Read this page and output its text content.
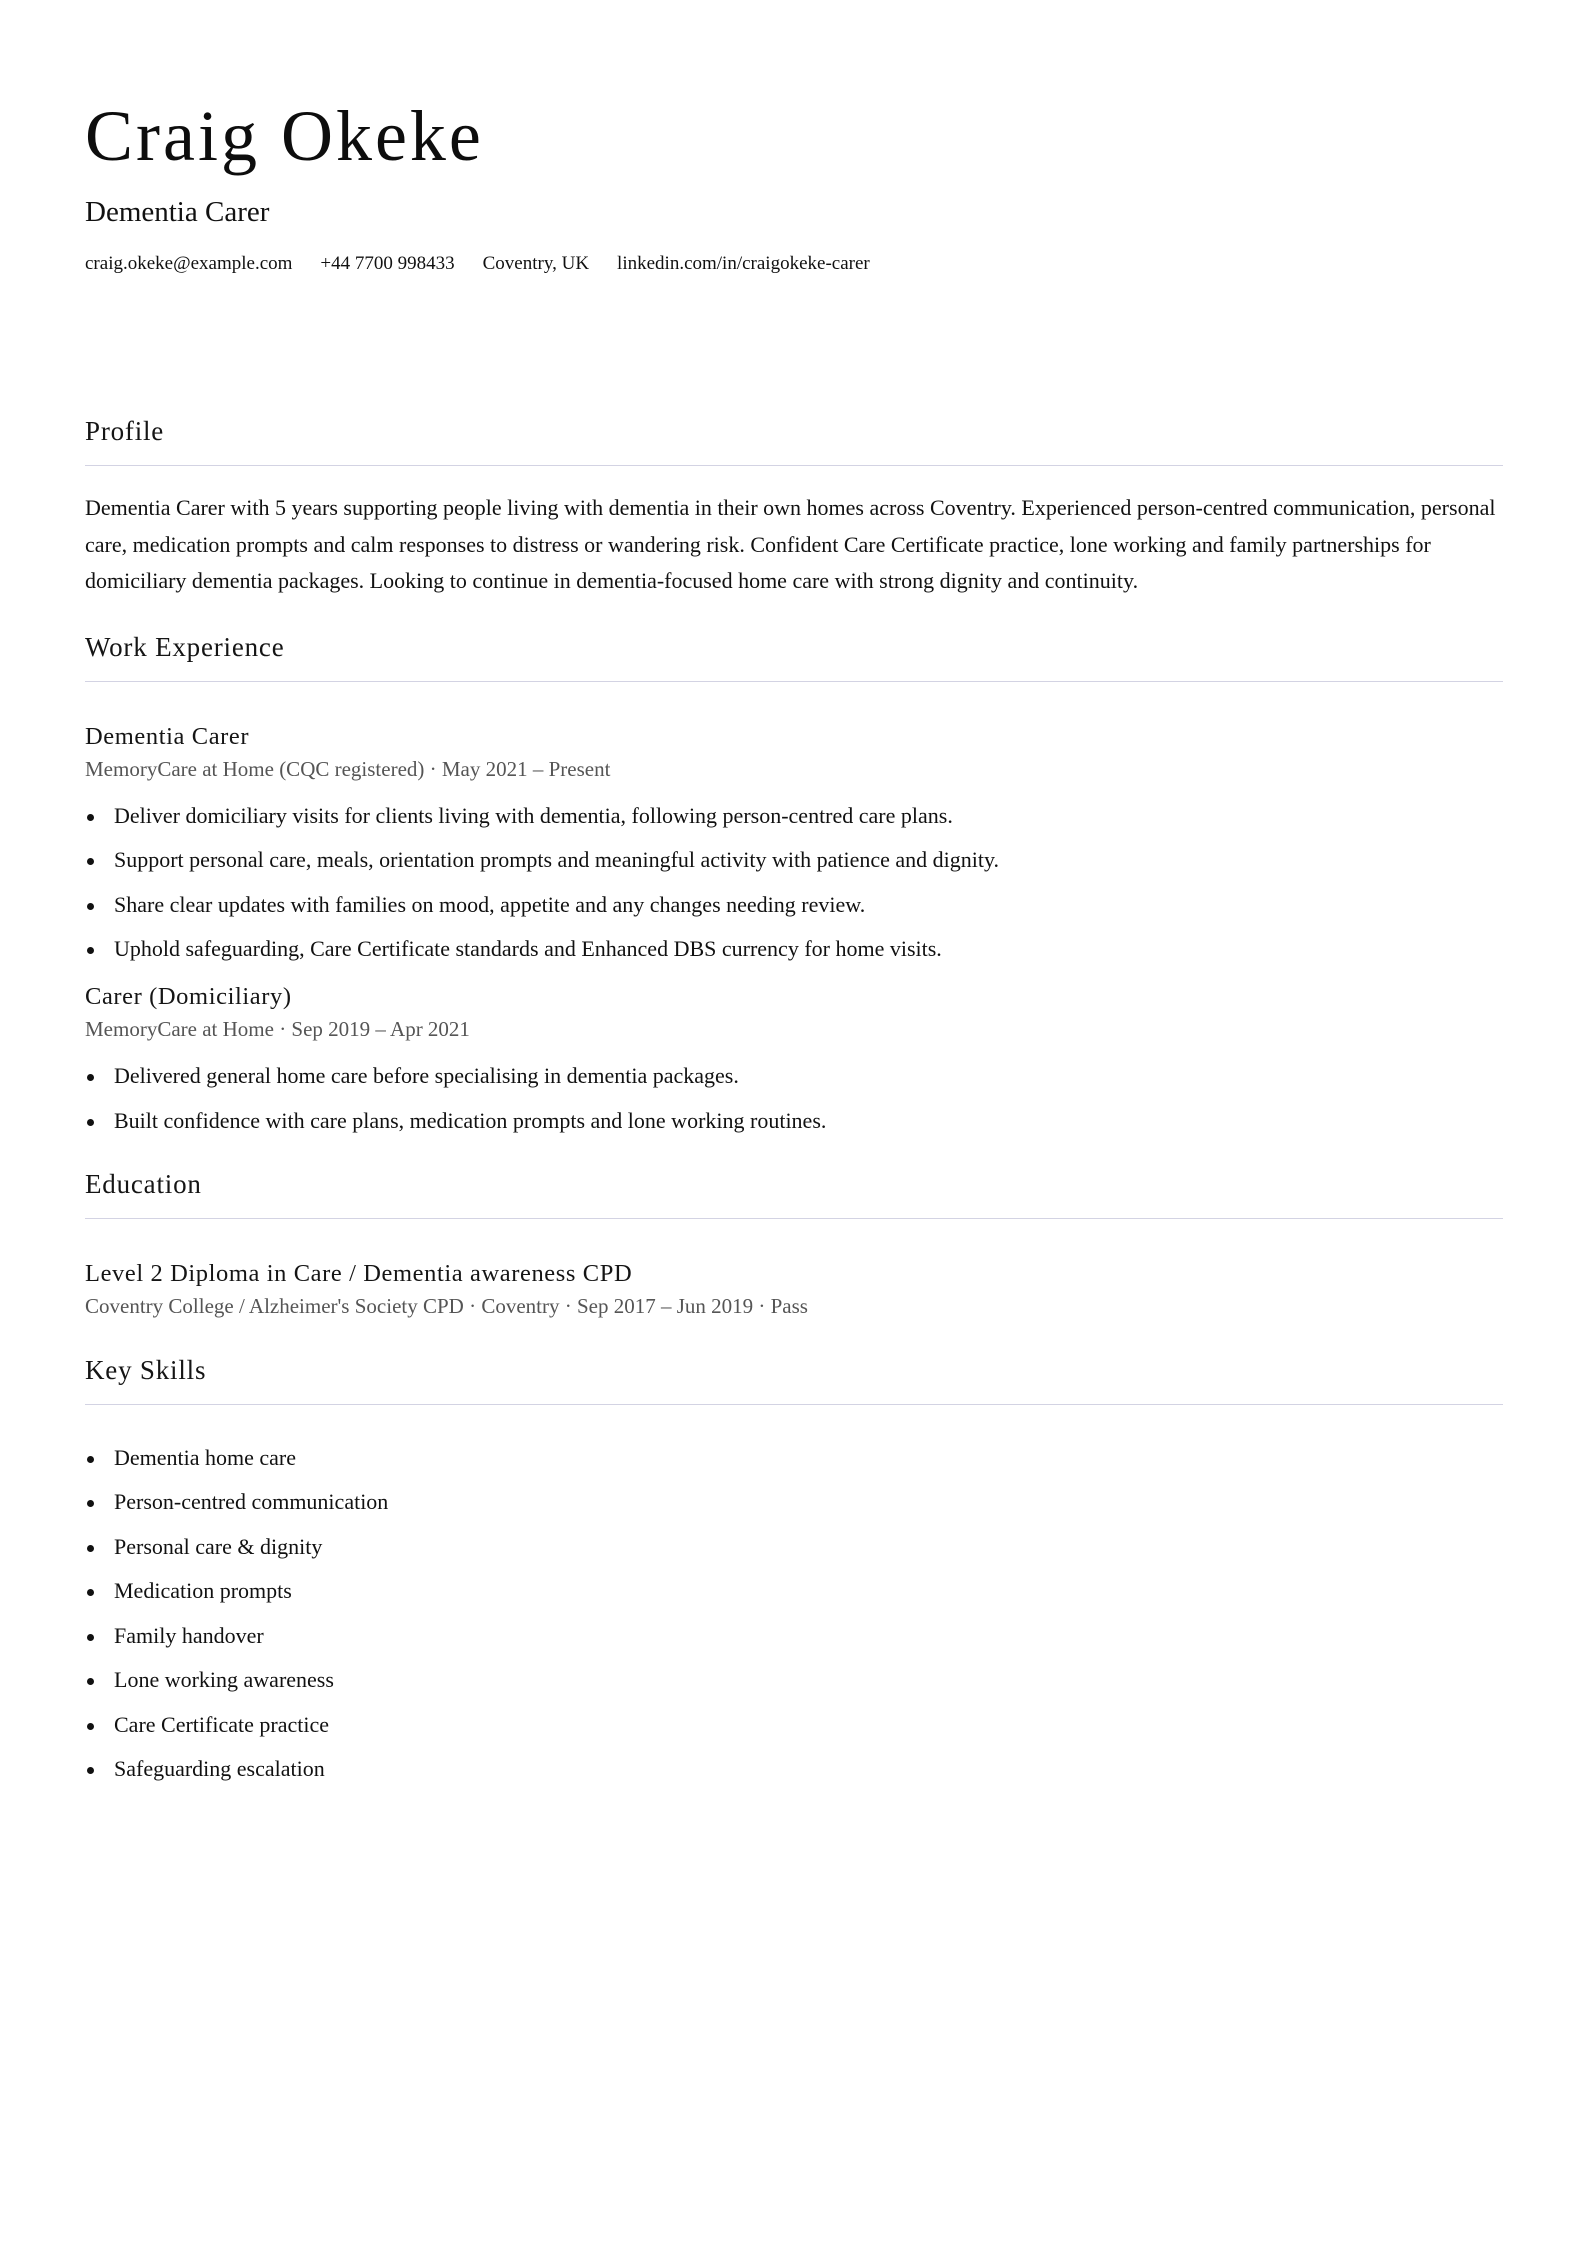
Craig Okeke
Dementia Carer
craig.okeke@example.com +44 7700 998433 Coventry, UK linkedin.com/in/craigokeke-carer
Profile

Dementia Carer with 5 years supporting people living with dementia in their own homes across Coventry. Experienced person-centred communication, personal care, medication prompts and calm responses to distress or wandering risk. Confident Care Certificate practice, lone working and family partnerships for domiciliary dementia packages. Looking to continue in dementia-focused home care with strong dignity and continuity.

Work Experience
Dementia Carer
MemoryCare at Home (CQC registered) · May 2021 – Present
Deliver domiciliary visits for clients living with dementia, following person-centred care plans.
Support personal care, meals, orientation prompts and meaningful activity with patience and dignity.
Share clear updates with families on mood, appetite and any changes needing review.
Uphold safeguarding, Care Certificate standards and Enhanced DBS currency for home visits.
Carer (Domiciliary)
MemoryCare at Home · Sep 2019 – Apr 2021
Delivered general home care before specialising in dementia packages.
Built confidence with care plans, medication prompts and lone working routines.
Education
Level 2 Diploma in Care / Dementia awareness CPD
Coventry College / Alzheimer's Society CPD · Coventry · Sep 2017 – Jun 2019 · Pass
Key Skills
Dementia home care
Person-centred communication
Personal care & dignity
Medication prompts
Family handover
Lone working awareness
Care Certificate practice
Safeguarding escalation
